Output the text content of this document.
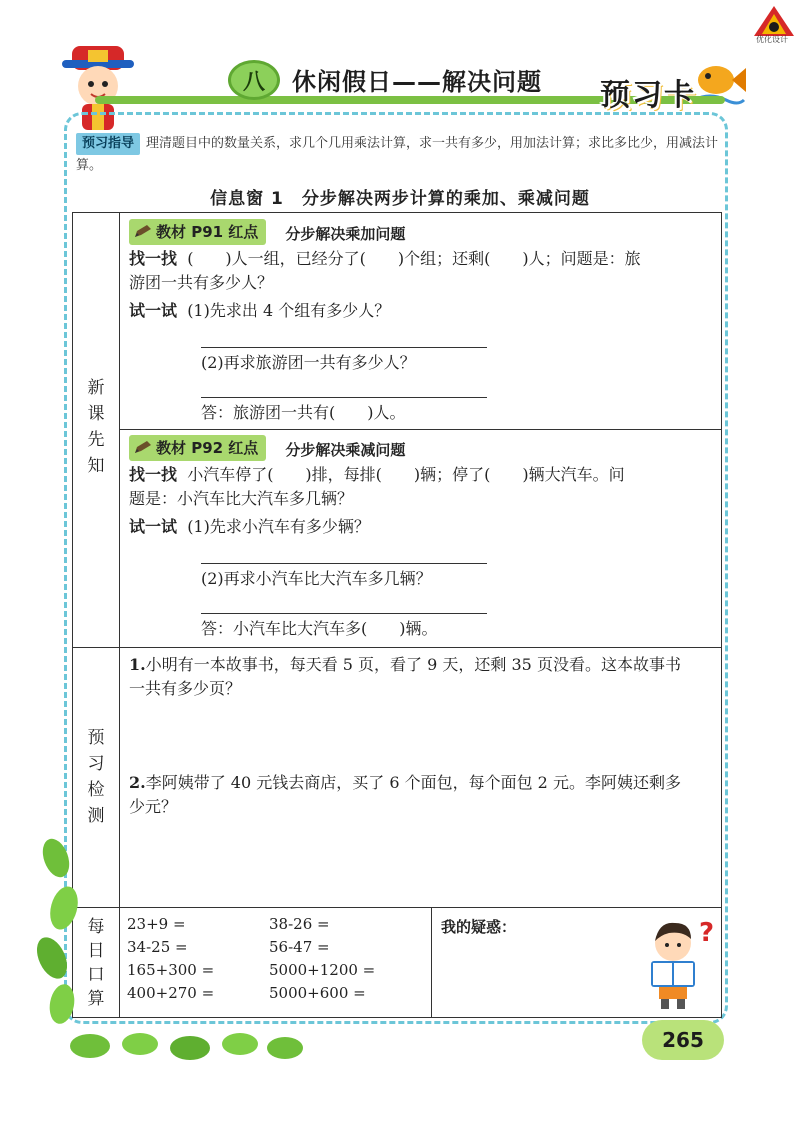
优化设计
八	休闲假日——解决问题 预习卡
预习指导 理清题目中的数量关系，求几个几用乘法计算，求一共有多少，用加法计算；求比多比少，用减法计算。
信息窗 1　分步解决两步计算的乘加、乘减问题
新
课
先
知
预
习
检
测
每
日
口
算
教材 P91 红点 分步解决乘加问题
找一找 (　　)人一组，已经分了(　　)个组；还剩(　　)人；问题是：旅
游团一共有多少人？
试一试 (1)先求出 4 个组有多少人？
(2)再求旅游团一共有多少人？
答：旅游团一共有(　　)人。
教材 P92 红点 分步解决乘减问题
找一找 小汽车停了(　　)排，每排(　　)辆；停了(　　)辆大汽车。问
题是：小汽车比大汽车多几辆？
试一试 (1)先求小汽车有多少辆？
(2)再求小汽车比大汽车多几辆？
答：小汽车比大汽车多(　　)辆。
1.小明有一本故事书，每天看 5 页，看了 9 天，还剩 35 页没看。这本故事书
一共有多少页？
2.李阿姨带了 40 元钱去商店，买了 6 个面包，每个面包 2 元。李阿姨还剩多
少元？
23+9 =
34-25 =
165+300 =
400+270 =
38-26 =
56-47 =
5000+1200 =
5000+600 =
我的疑惑：	?
265
